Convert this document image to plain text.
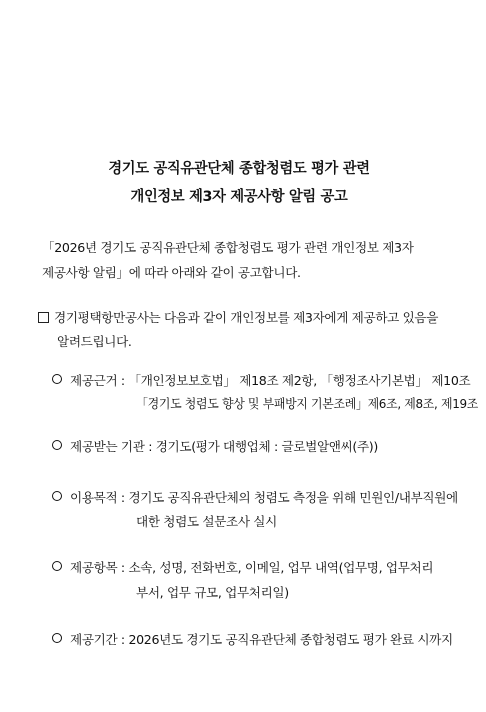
경기도 공직유관단체 종합청렴도 평가 관련
개인정보 제3자 제공사항 알림 공고
「2026년 경기도 공직유관단체 종합청렴도 평가 관련 개인정보 제3자
제공사항 알림」에 따라 아래와 같이 공고합니다.
경기평택항만공사는 다음과 같이 개인정보를 제3자에게 제공하고 있음을
알려드립니다.
제공근거 : 「개인정보보호법」 제18조 제2항, 「행정조사기본법」 제10조
「경기도 청렴도 향상 및 부패방지 기본조례」제6조, 제8조, 제19조
제공받는 기관 : 경기도(평가 대행업체 : 글로벌알앤씨(주))
이용목적 : 경기도 공직유관단체의 청렴도 측정을 위해 민원인/내부직원에
대한 청렴도 설문조사 실시
제공항목 : 소속, 성명, 전화번호, 이메일, 업무 내역(업무명, 업무처리
부서, 업무 규모, 업무처리일)
제공기간 : 2026년도 경기도 공직유관단체 종합청렴도 평가 완료 시까지
